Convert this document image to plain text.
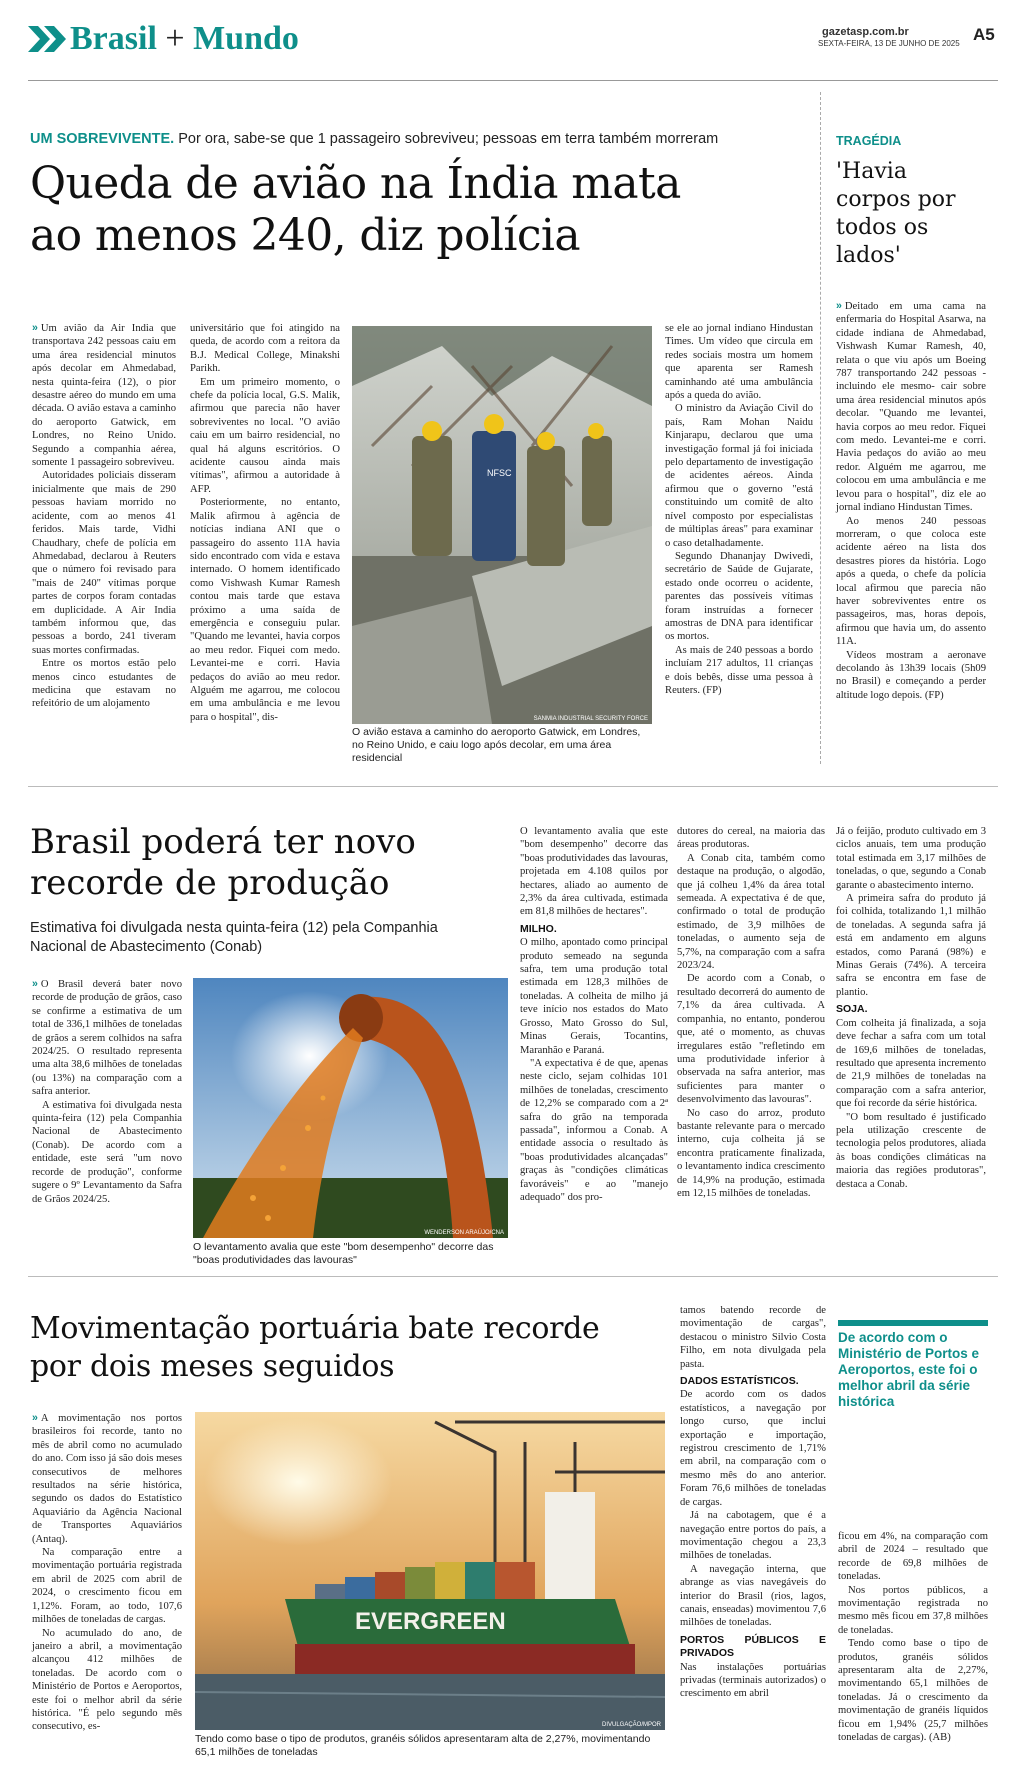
Brasil + Mundo	gazetasp.com.br
SEXTA-FEIRA, 13 DE JUNHO DE 2025 A5
UM SOBREVIVENTE. Por ora, sabe-se que 1 passageiro sobreviveu; pessoas em terra também morreram
Queda de avião na Índia mata
ao menos 240, diz polícia

» Um avião da Air India que transportava 242 pessoas caiu em uma área residencial minutos após decolar em Ahmedabad, nesta quinta-feira (12), o pior desastre aéreo do mundo em uma década. O avião estava a caminho do aeroporto Gatwick, em Londres, no Reino Unido. Segundo a companhia aérea, somente 1 passageiro sobreviveu.

Autoridades policiais disseram inicialmente que mais de 290 pessoas haviam morrido no acidente, com ao menos 41 feridos. Mais tarde, Vidhi Chaudhary, chefe de polícia em Ahmedabad, declarou à Reuters que o número foi revisado para "mais de 240" vítimas porque partes de corpos foram contadas em duplicidade. A Air India também informou que, das pessoas a bordo, 241 tiveram suas mortes confirmadas.

Entre os mortos estão pelo menos cinco estudantes de medicina que estavam no refeitório de um alojamento

universitário que foi atingido na queda, de acordo com a reitora da B.J. Medical College, Minakshi Parikh.

Em um primeiro momento, o chefe da polícia local, G.S. Malik, afirmou que parecia não haver sobreviventes no local. "O avião caiu em um bairro residencial, no qual há alguns escritórios. O acidente causou ainda mais vítimas", afirmou a autoridade à AFP.

Posteriormente, no entanto, Malik afirmou à agência de notícias indiana ANI que o passageiro do assento 11A havia sido encontrado com vida e estava internado. O homem identificado como Vishwash Kumar Ramesh contou mais tarde que estava próximo a uma saída de emergência e conseguiu pular. "Quando me levantei, havia corpos ao meu redor. Fiquei com medo. Levantei-me e corri. Havia pedaços do avião ao meu redor. Alguém me agarrou, me colocou em uma ambulância e me levou para o hospital", dis-

NFSC
SANMIA INDUSTRIAL SECURITY FORCE
O avião estava a caminho do aeroporto Gatwick, em Londres, no Reino Unido, e caiu logo após decolar, em uma área residencial

se ele ao jornal indiano Hindustan Times. Um vídeo que circula em redes sociais mostra um homem que aparenta ser Ramesh caminhando até uma ambulância após a queda do avião.

O ministro da Aviação Civil do país, Ram Mohan Naidu Kinjarapu, declarou que uma investigação formal já foi iniciada pelo departamento de investigação de acidentes aéreos. Ainda afirmou que o governo "está constituindo um comitê de alto nível composto por especialistas de múltiplas áreas" para examinar o caso detalhadamente.

Segundo Dhananjay Dwivedi, secretário de Saúde de Gujarate, estado onde ocorreu o acidente, parentes das possíveis vítimas foram instruídas a fornecer amostras de DNA para identificar os mortos.

As mais de 240 pessoas a bordo incluíam 217 adultos, 11 crianças e dois bebês, disse uma pessoa à Reuters. (FP)

TRAGÉDIA
'Havia corpos por todos os lados'

» Deitado em uma cama na enfermaria do Hospital Asarwa, na cidade indiana de Ahmedabad, Vishwash Kumar Ramesh, 40, relata o que viu após um Boeing 787 transportando 242 pessoas -incluindo ele mesmo- cair sobre uma área residencial minutos após decolar. "Quando me levantei, havia corpos ao meu redor. Fiquei com medo. Levantei-me e corri. Havia pedaços do avião ao meu redor. Alguém me agarrou, me colocou em uma ambulância e me levou para o hospital", diz ele ao jornal indiano Hindustan Times.

Ao menos 240 pessoas morreram, o que coloca este acidente aéreo na lista dos desastres piores da história. Logo após a queda, o chefe da polícia local afirmou que parecia não haver sobreviventes entre os passageiros, mas, horas depois, afirmou que havia um, do assento 11A.

Vídeos mostram a aeronave decolando às 13h39 locais (5h09 no Brasil) e começando a perder altitude logo depois. (FP)

Brasil poderá ter novo
recorde de produção
Estimativa foi divulgada nesta quinta-feira (12) pela Companhia Nacional de Abastecimento (Conab)

» O Brasil deverá bater novo recorde de produção de grãos, caso se confirme a estimativa de um total de 336,1 milhões de toneladas de grãos a serem colhidos na safra 2024/25. O resultado representa uma alta 38,6 milhões de toneladas (ou 13%) na comparação com a safra anterior.

A estimativa foi divulgada nesta quinta-feira (12) pela Companhia Nacional de Abastecimento (Conab). De acordo com a entidade, este será "um novo recorde de produção", conforme sugere o 9º Levantamento da Safra de Grãos 2024/25.

WENDERSON ARAÚJO/CNA
O levantamento avalia que este "bom desempenho" decorre das "boas produtividades das lavouras"

O levantamento avalia que este "bom desempenho" decorre das "boas produtividades das lavouras, projetada em 4.108 quilos por hectares, aliado ao aumento de 2,3% da área cultivada, estimada em 81,8 milhões de hectares".

MILHO.

O milho, apontado como principal produto semeado na segunda safra, tem uma produção total estimada em 128,3 milhões de toneladas. A colheita de milho já teve início nos estados do Mato Grosso, Mato Grosso do Sul, Minas Gerais, Tocantins, Maranhão e Paraná.

"A expectativa é de que, apenas neste ciclo, sejam colhidas 101 milhões de toneladas, crescimento de 12,2% se comparado com a 2ª safra do grão na temporada passada", informou a Conab. A entidade associa o resultado às "boas produtividades alcançadas" graças às "condições climáticas favoráveis" e ao "manejo adequado" dos pro-

dutores do cereal, na maioria das áreas produtoras.

A Conab cita, também como destaque na produção, o algodão, que já colheu 1,4% da área total semeada. A expectativa é de que, confirmado o total de produção estimado, de 3,9 milhões de toneladas, o aumento seja de 5,7%, na comparação com a safra 2023/24.

De acordo com a Conab, o resultado decorrerá do aumento de 7,1% da área cultivada. A companhia, no entanto, ponderou que, até o momento, as chuvas irregulares estão "refletindo em uma produtividade inferior à observada na safra anterior, mas suficientes para manter o desenvolvimento das lavouras".

No caso do arroz, produto bastante relevante para o mercado interno, cuja colheita já se encontra praticamente finalizada, o levantamento indica crescimento de 14,9% na produção, estimada em 12,15 milhões de toneladas.

Já o feijão, produto cultivado em 3 ciclos anuais, tem uma produção total estimada em 3,17 milhões de toneladas, o que, segundo a Conab garante o abastecimento interno.

A primeira safra do produto já foi colhida, totalizando 1,1 milhão de toneladas. A segunda safra já está em andamento em alguns estados, como Paraná (98%) e Minas Gerais (74%). A terceira safra se encontra em fase de plantio.

SOJA.

Com colheita já finalizada, a soja deve fechar a safra com um total de 169,6 milhões de toneladas, resultado que apresenta incremento de 21,9 milhões de toneladas na comparação com a safra anterior, que foi recorde da série histórica.

"O bom resultado é justificado pela utilização crescente de tecnologia pelos produtores, aliada às boas condições climáticas na maioria das regiões produtoras", destaca a Conab.

Movimentação portuária bate recorde
por dois meses seguidos

» A movimentação nos portos brasileiros foi recorde, tanto no mês de abril como no acumulado do ano. Com isso já são dois meses consecutivos de melhores resultados na série histórica, segundo os dados do Estatístico Aquaviário da Agência Nacional de Transportes Aquaviários (Antaq).

Na comparação entre a movimentação portuária registrada em abril de 2025 com abril de 2024, o crescimento ficou em 1,12%. Foram, ao todo, 107,6 milhões de toneladas de cargas.

No acumulado do ano, de janeiro a abril, a movimentação alcançou 412 milhões de toneladas. De acordo com o Ministério de Portos e Aeroportos, este foi o melhor abril da série histórica. "É pelo segundo mês consecutivo, es-

EVERGREEN
DIVULGAÇÃO/MPOR
Tendo como base o tipo de produtos, granéis sólidos apresentaram alta de 2,27%, movimentando 65,1 milhões de toneladas

tamos batendo recorde de movimentação de cargas", destacou o ministro Silvio Costa Filho, em nota divulgada pela pasta.

DADOS ESTATÍSTICOS.

De acordo com os dados estatísticos, a navegação por longo curso, que inclui exportação e importação, registrou crescimento de 1,71% em abril, na comparação com o mesmo mês do ano anterior. Foram 76,6 milhões de toneladas de cargas.

Já na cabotagem, que é a navegação entre portos do país, a movimentação chegou a 23,3 milhões de toneladas.

A navegação interna, que abrange as vias navegáveis do interior do Brasil (rios, lagos, canais, enseadas) movimentou 7,6 milhões de toneladas.

PORTOS PÚBLICOS E PRIVADOS

Nas instalações portuárias privadas (terminais autorizados) o crescimento em abril

De acordo com o Ministério de Portos e Aeroportos, este foi o melhor abril da série histórica

ficou em 4%, na comparação com abril de 2024 – resultado que recorde de 69,8 milhões de toneladas.

Nos portos públicos, a movimentação registrada no mesmo mês ficou em 37,8 milhões de toneladas.

Tendo como base o tipo de produtos, granéis sólidos apresentaram alta de 2,27%, movimentando 65,1 milhões de toneladas. Já o crescimento da movimentação de granéis líquidos ficou em 1,94% (25,7 milhões toneladas de cargas). (AB)
